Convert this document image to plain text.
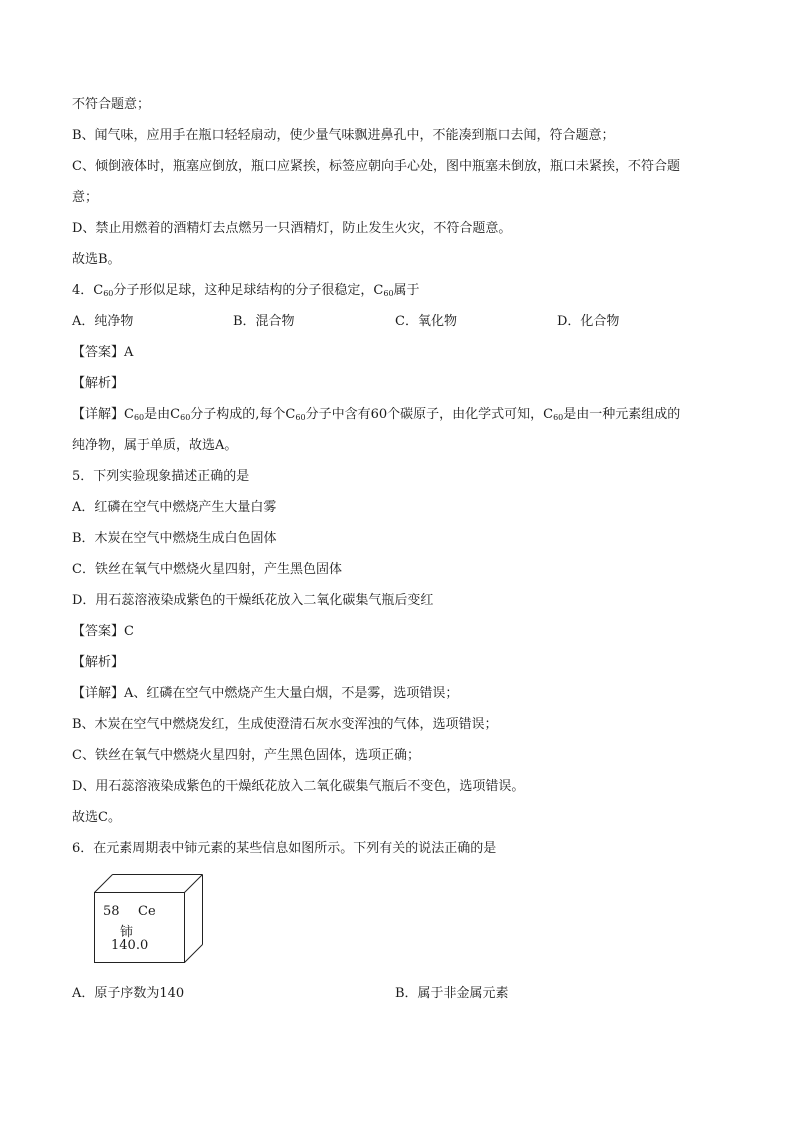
不符合题意；
B、闻气味，应用手在瓶口轻轻扇动，使少量气味飘进鼻孔中，不能凑到瓶口去闻，符合题意；
C、倾倒液体时，瓶塞应倒放，瓶口应紧挨，标签应朝向手心处，图中瓶塞未倒放，瓶口未紧挨，不符合题
意；
D、禁止用燃着的酒精灯去点燃另一只酒精灯，防止发生火灾，不符合题意。
故选B。
4．$C_{60}$分子形似足球，这种足球结构的分子很稳定，$C_{60}$属于
A．纯净物	B．混合物	C．氧化物	D．化合物
【答案】A
【解析】
【详解】$C_{60}$是由$C_{60}$分子构成的,每个$C_{60}$分子中含有60个碳原子，由化学式可知，$C_{60}$是由一种元素组成的
纯净物，属于单质，故选A。
5．下列实验现象描述正确的是
A．红磷在空气中燃烧产生大量白雾
B．木炭在空气中燃烧生成白色固体
C．铁丝在氧气中燃烧火星四射，产生黑色固体
D．用石蕊溶液染成紫色的干燥纸花放入二氧化碳集气瓶后变红
【答案】C
【解析】
【详解】A、红磷在空气中燃烧产生大量白烟，不是雾，选项错误；
B、木炭在空气中燃烧发红，生成使澄清石灰水变浑浊的气体，选项错误；
C、铁丝在氧气中燃烧火星四射，产生黑色固体，选项正确；
D、用石蕊溶液染成紫色的干燥纸花放入二氧化碳集气瓶后不变色，选项错误。
故选C。
6．在元素周期表中铈元素的某些信息如图所示。下列有关的说法正确的是
58 Ce
铈
140.0
A．原子序数为140	B．属于非金属元素
